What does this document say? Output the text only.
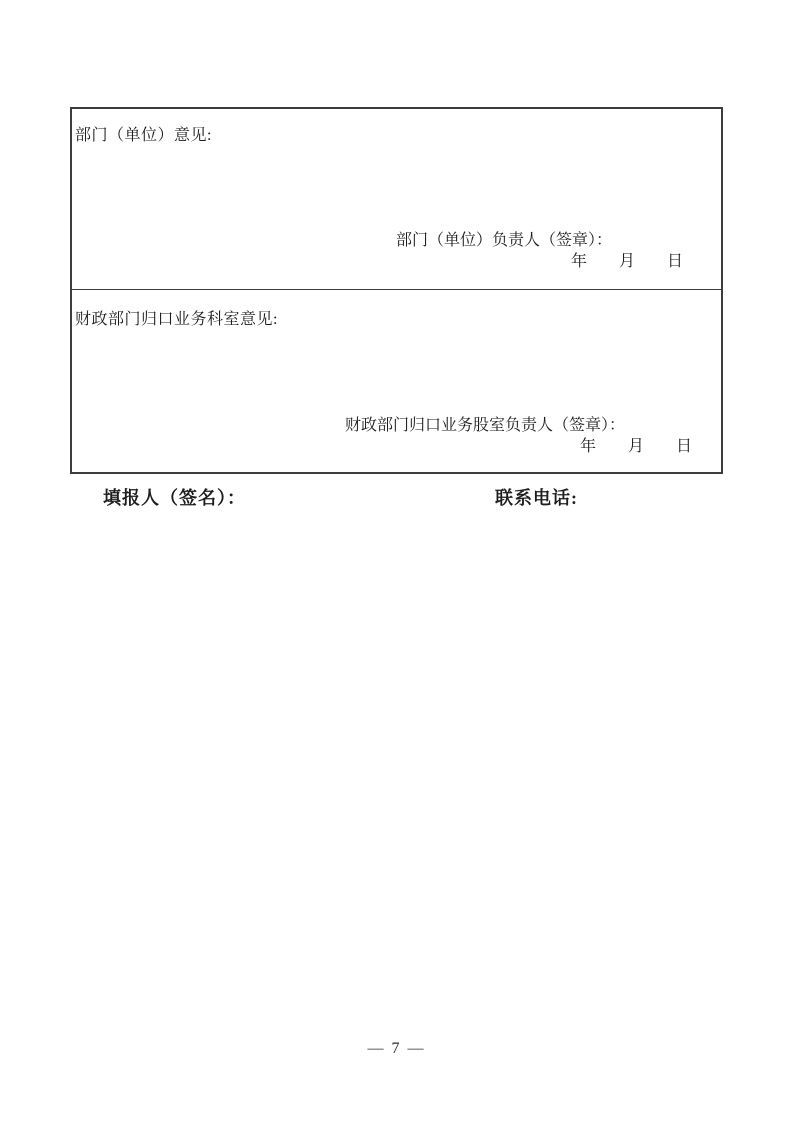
部门（单位）意见:
部门（单位）负责人（签章）：
年　　月　　日
财政部门归口业务科室意见:
财政部门归口业务股室负责人（签章）：
年　　月　　日
填报人（签名）：	联系电话:
— 7 —
